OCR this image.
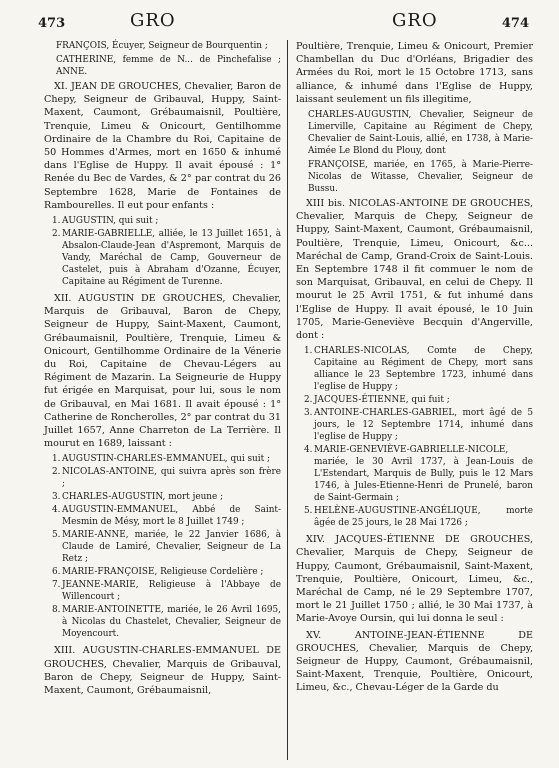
473	GRO	GRO	474

FRANÇOIS, Écuyer, Seigneur de Bourquentin ;

CATHERINE, femme de N... de Pinchefalise ; ANNE.

XI. JEAN DE GROUCHES, Chevalier, Baron de Chepy, Seigneur de Gribauval, Huppy, Saint-Maxent, Caumont, Grébaumaisnil, Poultière, Trenquie, Limeu & Onicourt, Gentilhomme Ordinaire de la Chambre du Roi, Capitaine de 50 Hommes d'Armes, mort en 1650 & inhumé dans l'Eglise de Huppy. Il avait épousé : 1° Renée du Bec de Vardes, & 2° par contrat du 26 Septembre 1628, Marie de Fontaines de Rambourelles. Il eut pour enfants :

1. AUGUSTIN, qui suit ;
2. MARIE-GABRIELLE, alliée, le 13 Juillet 1651, à Absalon-Claude-Jean d'Aspremont, Marquis de Vandy, Maréchal de Camp, Gouverneur de Castelet, puis à Abraham d'Ozanne, Écuyer, Capitaine au Régiment de Turenne.

XII. AUGUSTIN DE GROUCHES, Chevalier, Marquis de Gribauval, Baron de Chepy, Seigneur de Huppy, Saint-Maxent, Caumont, Grébaumaisnil, Poultière, Trenquie, Limeu & Onicourt, Gentilhomme Ordinaire de la Vénerie du Roi, Capitaine de Chevau-Légers au Régiment de Mazarin. La Seigneurie de Huppy fut érigée en Marquisat, pour lui, sous le nom de Gribauval, en Mai 1681. Il avait épousé : 1° Catherine de Roncherolles, 2° par contrat du 31 Juillet 1657, Anne Charreton de La Terrière. Il mourut en 1689, laissant :

1. AUGUSTIN-CHARLES-EMMANUEL, qui suit ;
2. NICOLAS-ANTOINE, qui suivra après son frère ;
3. CHARLES-AUGUSTIN, mort jeune ;
4. AUGUSTIN-EMMANUEL, Abbé de Saint-Mesmin de Mésy, mort le 8 Juillet 1749 ;
5. MARIE-ANNE, mariée, le 22 Janvier 1686, à Claude de Lamiré, Chevalier, Seigneur de La Retz ;
6. MARIE-FRANÇOISE, Religieuse Cordelière ;
7. JEANNE-MARIE, Religieuse à l'Abbaye de Willencourt ;
8. MARIE-ANTOINETTE, mariée, le 26 Avril 1695, à Nicolas du Chastelet, Chevalier, Seigneur de Moyencourt.

XIII. AUGUSTIN-CHARLES-EMMANUEL DE GROUCHES, Chevalier, Marquis de Gribauval, Baron de Chepy, Seigneur de Huppy, Saint-Maxent, Caumont, Grébaumaisnil,

Poultière, Trenquie, Limeu & Onicourt, Premier Chambellan du Duc d'Orléans, Brigadier des Armées du Roi, mort le 15 Octobre 1713, sans alliance, & inhumé dans l'Eglise de Huppy, laissant seulement un fils illegitime,

CHARLES-AUGUSTIN, Chevalier, Seigneur de Limerville, Capitaine au Régiment de Chepy, Chevalier de Saint-Louis, allié, en 1738, à Marie-Aimée Le Blond du Plouy, dont

FRANÇOISE, mariée, en 1765, à Marie-Pierre-Nicolas de Witasse, Chevalier, Seigneur de Bussu.

XIII bis. NICOLAS-ANTOINE DE GROUCHES, Chevalier, Marquis de Chepy, Seigneur de Huppy, Saint-Maxent, Caumont, Grébaumaisnil, Poultière, Trenquie, Limeu, Onicourt, &c... Maréchal de Camp, Grand-Croix de Saint-Louis. En Septembre 1748 il fit commuer le nom de son Marquisat, Gribauval, en celui de Chepy. Il mourut le 25 Avril 1751, & fut inhumé dans l'Eglise de Huppy. Il avait épousé, le 10 Juin 1705, Marie-Geneviève Becquin d'Angerville, dont :

1. CHARLES-NICOLAS, Comte de Chepy, Capitaine au Régiment de Chepy, mort sans alliance le 23 Septembre 1723, inhumé dans l'eglise de Huppy ;
2. JACQUES-ÉTIENNE, qui fuit ;
3. ANTOINE-CHARLES-GABRIEL, mort âgé de 5 jours, le 12 Septembre 1714, inhumé dans l'eglise de Huppy ;
4. MARIE-GENEVIÈVE-GABRIELLE-NICOLE, mariée, le 30 Avril 1737, à Jean-Louis de L'Estendart, Marquis de Bully, puis le 12 Mars 1746, à Jules-Etienne-Henri de Prunelé, baron de Saint-Germain ;
5. HELÈNE-AUGUSTINE-ANGÉLIQUE, morte âgée de 25 jours, le 28 Mai 1726 ;

XIV. JACQUES-ÉTIENNE DE GROUCHES, Chevalier, Marquis de Chepy, Seigneur de Huppy, Caumont, Grébaumaisnil, Saint-Maxent, Trenquie, Poultière, Onicourt, Limeu, &c., Maréchal de Camp, né le 29 Septembre 1707, mort le 21 Juillet 1750 ; allié, le 30 Mai 1737, à Marie-Avoye Oursin, qui lui donna le seul :

XV. ANTOINE-JEAN-ÉTIENNE DE GROUCHES, Chevalier, Marquis de Chepy, Seigneur de Huppy, Caumont, Grébaumaisnil, Saint-Maxent, Trenquie, Poultière, Onicourt, Limeu, &c., Chevau-Léger de la Garde du
